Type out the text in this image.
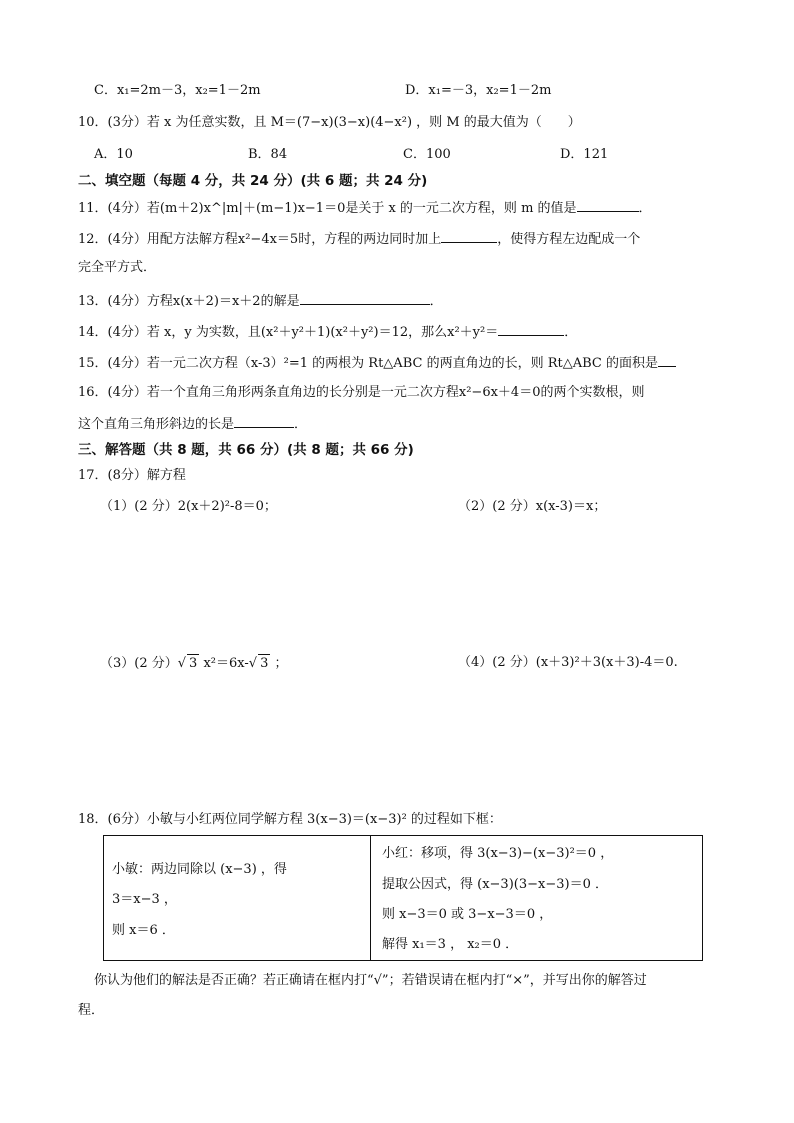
C．x₁=2m－3，x₂=1－2m	D．x₁=－3，x₂=1－2m
10．(3分）若 x 为任意实数，且 M＝(7−x)(3−x)(4−x²) ，则 M 的最大值为（　　）
A．10	B．84	C．100	D．121
二、填空题（每题 4 分，共 24 分）(共 6 题；共 24 分)
11．(4分）若(m＋2)x^|m|＋(m−1)x−1＝0是关于 x 的一元二次方程，则 m 的值是	．
12．(4分）用配方法解方程x²−4x＝5时，方程的两边同时加上	，使得方程左边配成一个
完全平方式．
13．(4分）方程x(x＋2)＝x＋2的解是	．
14．(4分）若 x，y 为实数，且(x²＋y²＋1)(x²＋y²)＝12，那么x²＋y²＝	．
15．(4分）若一元二次方程（x-3）²=1 的两根为 Rt△ABC 的两直角边的长，则 Rt△ABC 的面积是
16．(4分）若一个直角三角形两条直角边的长分别是一元二次方程x²−6x＋4＝0的两个实数根，则
这个直角三角形斜边的长是	．
三、解答题（共 8 题，共 66 分）(共 8 题；共 66 分)
17．(8分）解方程
（1）(2 分）2(x＋2)²-8＝0；	（2）(2 分）x(x-3)＝x；
（3）(2 分）√ 3 x²＝6x-√ 3 ；	（4）(2 分）(x＋3)²＋3(x＋3)-4＝0.
18．(6分）小敏与小红两位同学解方程 3(x−3)＝(x−3)² 的过程如下框：
小敏：两边同除以 (x−3) ，得
3＝x−3 ，
则 x＝6 ．
小红：移项，得 3(x−3)−(x−3)²＝0 ，
提取公因式，得 (x−3)(3−x−3)＝0 ．
则 x−3＝0 或 3−x−3＝0 ，
解得 x₁＝3 ， x₂＝0 ．
你认为他们的解法是否正确？若正确请在框内打“√”；若错误请在框内打“×”，并写出你的解答过
程．
